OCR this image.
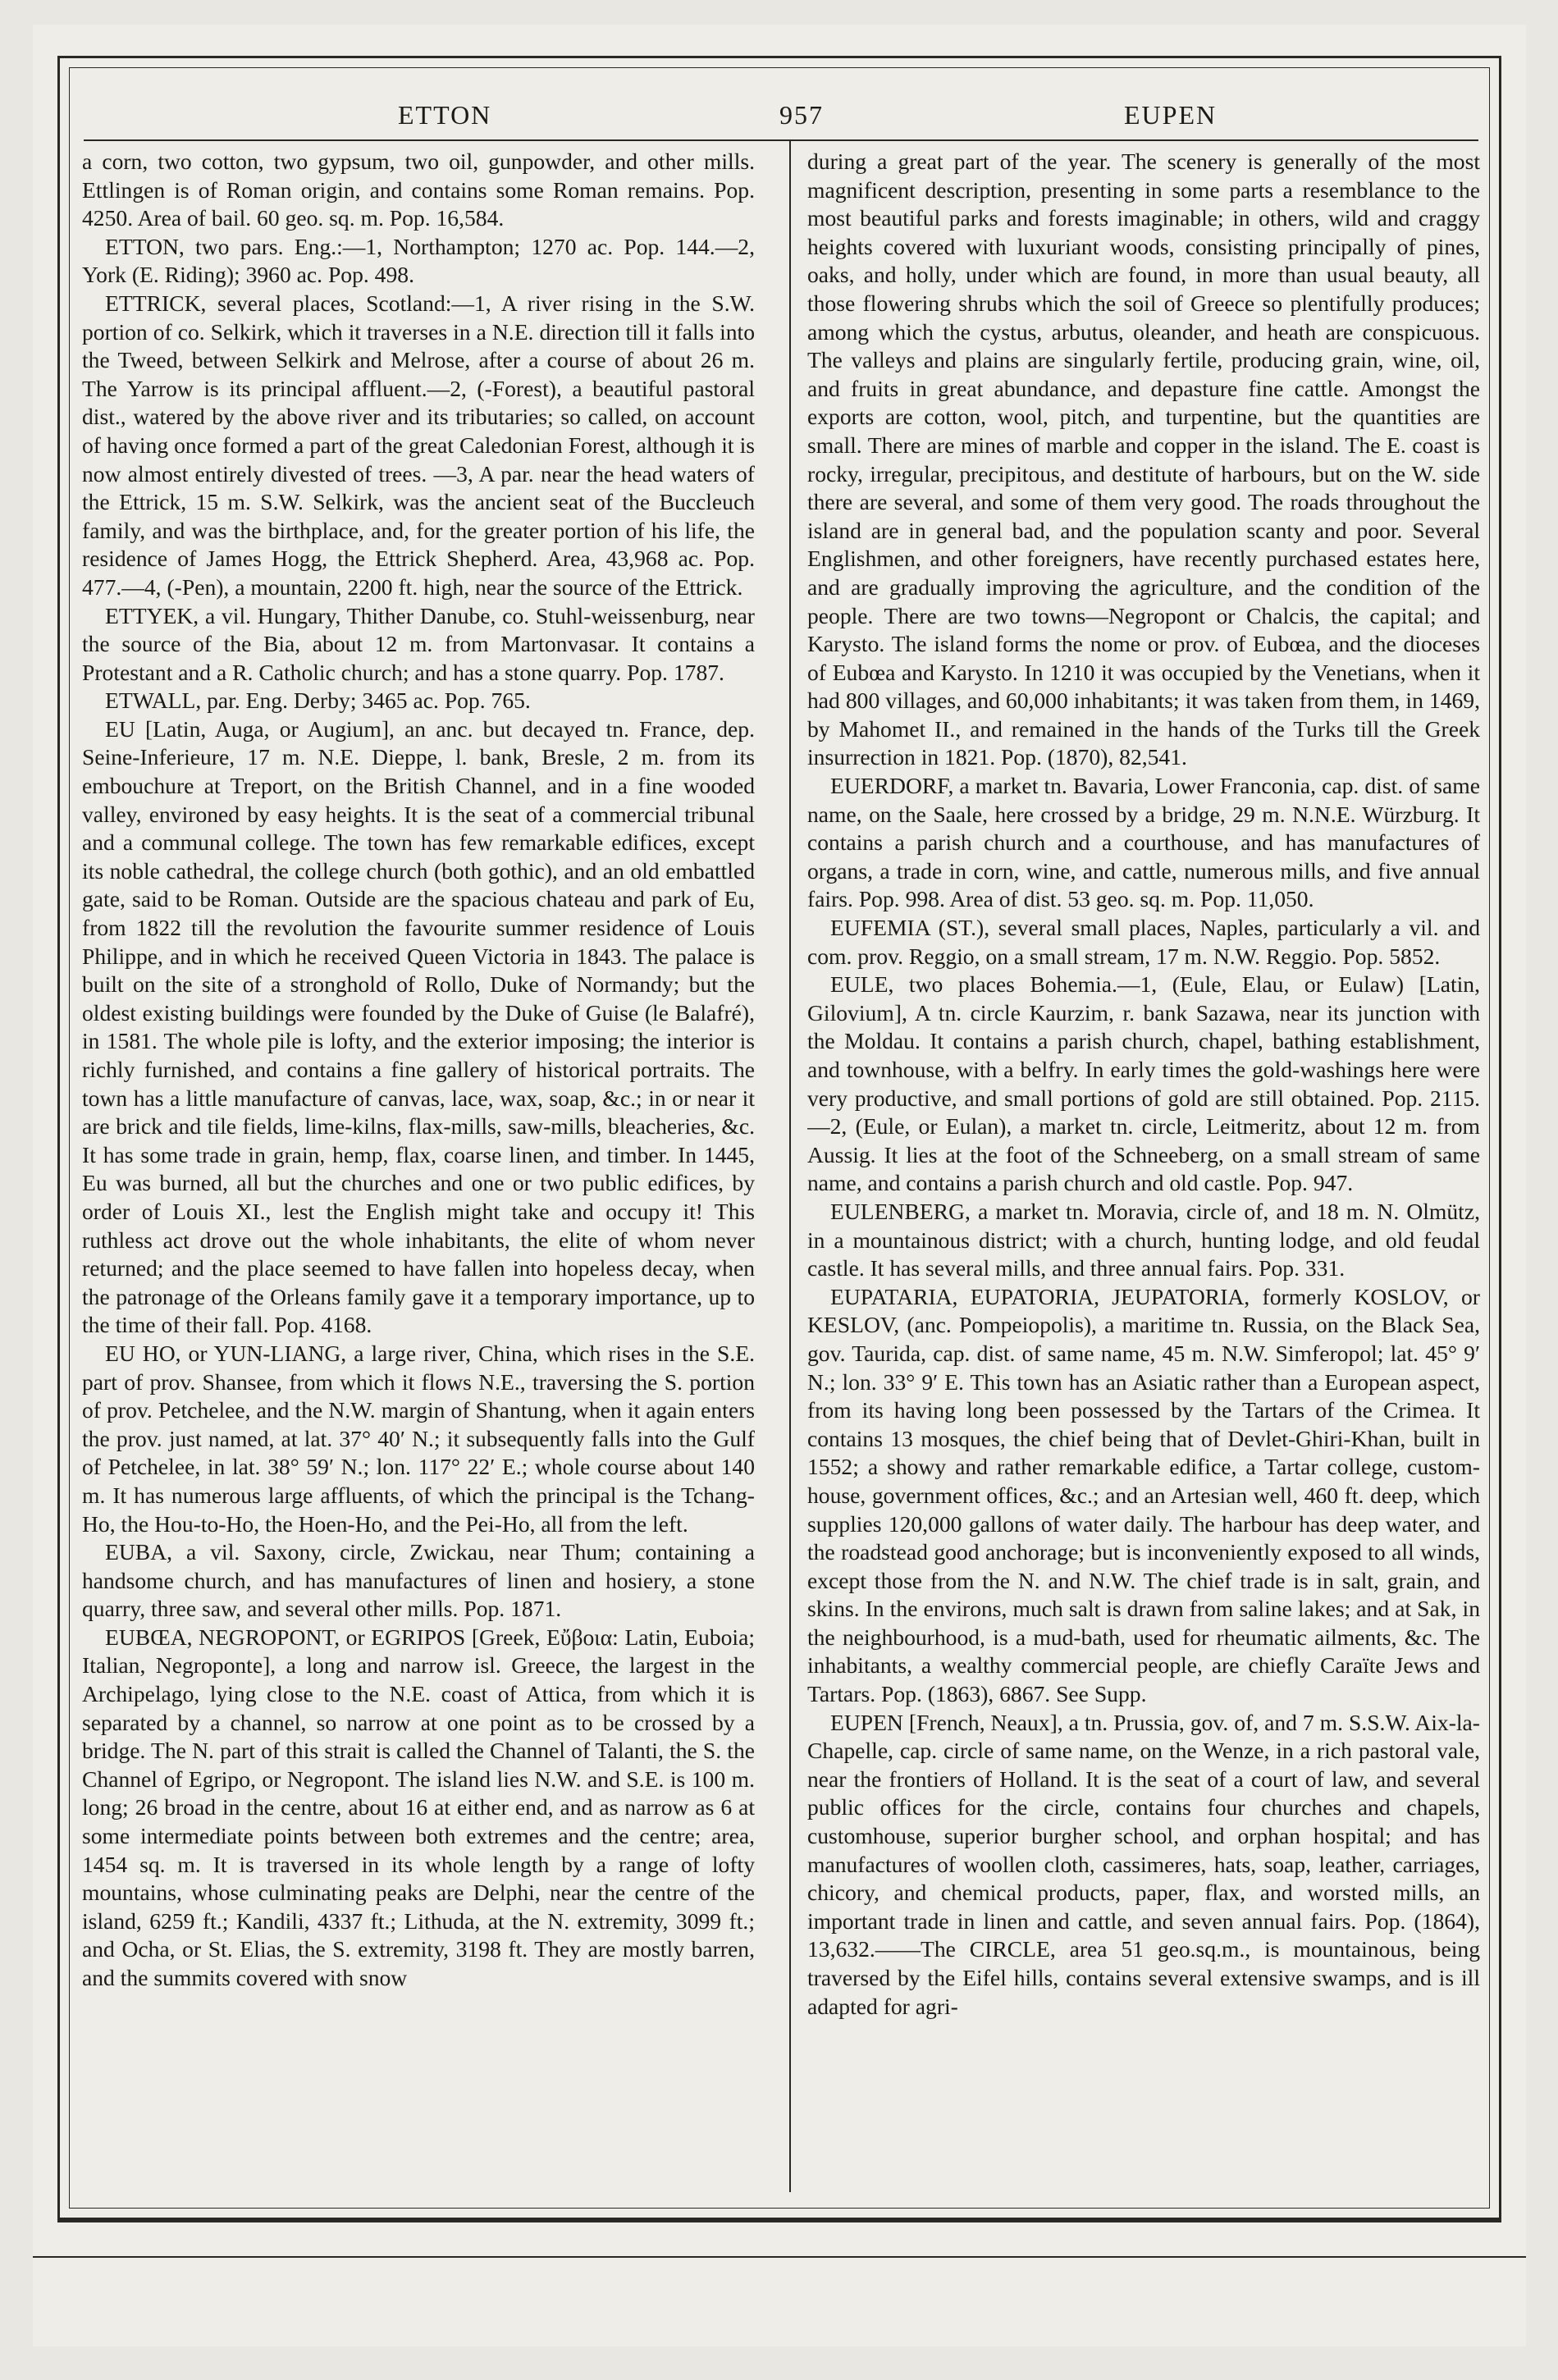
ETTON	957	EUPEN

a corn, two cotton, two gypsum, two oil, gunpowder, and other mills. Ettlingen is of Roman origin, and contains some Roman remains. Pop. 4250. Area of bail. 60 geo. sq. m. Pop. 16,584.

ETTON, two pars. Eng.:—1, Northampton; 1270 ac. Pop. 144.—2, York (E. Riding); 3960 ac. Pop. 498.

ETTRICK, several places, Scotland:—1, A river rising in the S.W. portion of co. Selkirk, which it traverses in a N.E. direction till it falls into the Tweed, between Selkirk and Melrose, after a course of about 26 m. The Yarrow is its principal affluent.—2, (-Forest), a beautiful pastoral dist., watered by the above river and its tributaries; so called, on account of having once formed a part of the great Caledonian Forest, although it is now almost entirely divested of trees. —3, A par. near the head waters of the Ettrick, 15 m. S.W. Selkirk, was the ancient seat of the Buccleuch family, and was the birthplace, and, for the greater portion of his life, the residence of James Hogg, the Ettrick Shepherd. Area, 43,968 ac. Pop. 477.—4, (-Pen), a mountain, 2200 ft. high, near the source of the Ettrick.

ETTYEK, a vil. Hungary, Thither Danube, co. Stuhl-weissenburg, near the source of the Bia, about 12 m. from Martonvasar. It contains a Protestant and a R. Catholic church; and has a stone quarry. Pop. 1787.

ETWALL, par. Eng. Derby; 3465 ac. Pop. 765.

EU [Latin, Auga, or Augium], an anc. but decayed tn. France, dep. Seine-Inferieure, 17 m. N.E. Dieppe, l. bank, Bresle, 2 m. from its embouchure at Treport, on the British Channel, and in a fine wooded valley, environed by easy heights. It is the seat of a commercial tribunal and a communal college. The town has few remarkable edifices, except its noble cathedral, the college church (both gothic), and an old embattled gate, said to be Roman. Outside are the spacious chateau and park of Eu, from 1822 till the revolution the favourite summer residence of Louis Philippe, and in which he received Queen Victoria in 1843. The palace is built on the site of a stronghold of Rollo, Duke of Normandy; but the oldest existing buildings were founded by the Duke of Guise (le Balafré), in 1581. The whole pile is lofty, and the exterior imposing; the interior is richly furnished, and contains a fine gallery of historical portraits. The town has a little manufacture of canvas, lace, wax, soap, &c.; in or near it are brick and tile fields, lime-kilns, flax-mills, saw-mills, bleacheries, &c. It has some trade in grain, hemp, flax, coarse linen, and timber. In 1445, Eu was burned, all but the churches and one or two public edifices, by order of Louis XI., lest the English might take and occupy it! This ruthless act drove out the whole inhabitants, the elite of whom never returned; and the place seemed to have fallen into hopeless decay, when the patronage of the Orleans family gave it a temporary importance, up to the time of their fall. Pop. 4168.

EU HO, or YUN-LIANG, a large river, China, which rises in the S.E. part of prov. Shansee, from which it flows N.E., traversing the S. portion of prov. Petchelee, and the N.W. margin of Shantung, when it again enters the prov. just named, at lat. 37° 40′ N.; it subsequently falls into the Gulf of Petchelee, in lat. 38° 59′ N.; lon. 117° 22′ E.; whole course about 140 m. It has numerous large affluents, of which the principal is the Tchang-Ho, the Hou-to-Ho, the Hoen-Ho, and the Pei-Ho, all from the left.

EUBA, a vil. Saxony, circle, Zwickau, near Thum; containing a handsome church, and has manufactures of linen and hosiery, a stone quarry, three saw, and several other mills. Pop. 1871.

EUBŒA, NEGROPONT, or EGRIPOS [Greek, Εὔβοια: Latin, Euboia; Italian, Negroponte], a long and narrow isl. Greece, the largest in the Archipelago, lying close to the N.E. coast of Attica, from which it is separated by a channel, so narrow at one point as to be crossed by a bridge. The N. part of this strait is called the Channel of Talanti, the S. the Channel of Egripo, or Negropont. The island lies N.W. and S.E. is 100 m. long; 26 broad in the centre, about 16 at either end, and as narrow as 6 at some intermediate points between both extremes and the centre; area, 1454 sq. m. It is traversed in its whole length by a range of lofty mountains, whose culminating peaks are Delphi, near the centre of the island, 6259 ft.; Kandili, 4337 ft.; Lithuda, at the N. extremity, 3099 ft.; and Ocha, or St. Elias, the S. extremity, 3198 ft. They are mostly barren, and the summits covered with snow

during a great part of the year. The scenery is generally of the most magnificent description, presenting in some parts a resemblance to the most beautiful parks and forests imaginable; in others, wild and craggy heights covered with luxuriant woods, consisting principally of pines, oaks, and holly, under which are found, in more than usual beauty, all those flowering shrubs which the soil of Greece so plentifully produces; among which the cystus, arbutus, oleander, and heath are conspicuous. The valleys and plains are singularly fertile, producing grain, wine, oil, and fruits in great abundance, and depasture fine cattle. Amongst the exports are cotton, wool, pitch, and turpentine, but the quantities are small. There are mines of marble and copper in the island. The E. coast is rocky, irregular, precipitous, and destitute of harbours, but on the W. side there are several, and some of them very good. The roads throughout the island are in general bad, and the population scanty and poor. Several Englishmen, and other foreigners, have recently purchased estates here, and are gradually improving the agriculture, and the condition of the people. There are two towns—Negropont or Chalcis, the capital; and Karysto. The island forms the nome or prov. of Eubœa, and the dioceses of Eubœa and Karysto. In 1210 it was occupied by the Venetians, when it had 800 villages, and 60,000 inhabitants; it was taken from them, in 1469, by Mahomet II., and remained in the hands of the Turks till the Greek insurrection in 1821. Pop. (1870), 82,541.

EUERDORF, a market tn. Bavaria, Lower Franconia, cap. dist. of same name, on the Saale, here crossed by a bridge, 29 m. N.N.E. Würzburg. It contains a parish church and a courthouse, and has manufactures of organs, a trade in corn, wine, and cattle, numerous mills, and five annual fairs. Pop. 998. Area of dist. 53 geo. sq. m. Pop. 11,050.

EUFEMIA (ST.), several small places, Naples, particularly a vil. and com. prov. Reggio, on a small stream, 17 m. N.W. Reggio. Pop. 5852.

EULE, two places Bohemia.—1, (Eule, Elau, or Eulaw) [Latin, Gilovium], A tn. circle Kaurzim, r. bank Sazawa, near its junction with the Moldau. It contains a parish church, chapel, bathing establishment, and townhouse, with a belfry. In early times the gold-washings here were very productive, and small portions of gold are still obtained. Pop. 2115.—2, (Eule, or Eulan), a market tn. circle, Leitmeritz, about 12 m. from Aussig. It lies at the foot of the Schneeberg, on a small stream of same name, and contains a parish church and old castle. Pop. 947.

EULENBERG, a market tn. Moravia, circle of, and 18 m. N. Olmütz, in a mountainous district; with a church, hunting lodge, and old feudal castle. It has several mills, and three annual fairs. Pop. 331.

EUPATARIA, EUPATORIA, JEUPATORIA, formerly KOSLOV, or KESLOV, (anc. Pompeiopolis), a maritime tn. Russia, on the Black Sea, gov. Taurida, cap. dist. of same name, 45 m. N.W. Simferopol; lat. 45° 9′ N.; lon. 33° 9′ E. This town has an Asiatic rather than a European aspect, from its having long been possessed by the Tartars of the Crimea. It contains 13 mosques, the chief being that of Devlet-Ghiri-Khan, built in 1552; a showy and rather remarkable edifice, a Tartar college, custom-house, government offices, &c.; and an Artesian well, 460 ft. deep, which supplies 120,000 gallons of water daily. The harbour has deep water, and the roadstead good anchorage; but is inconveniently exposed to all winds, except those from the N. and N.W. The chief trade is in salt, grain, and skins. In the environs, much salt is drawn from saline lakes; and at Sak, in the neighbourhood, is a mud-bath, used for rheumatic ailments, &c. The inhabitants, a wealthy commercial people, are chiefly Caraïte Jews and Tartars. Pop. (1863), 6867. See Supp.

EUPEN [French, Neaux], a tn. Prussia, gov. of, and 7 m. S.S.W. Aix-la-Chapelle, cap. circle of same name, on the Wenze, in a rich pastoral vale, near the frontiers of Holland. It is the seat of a court of law, and several public offices for the circle, contains four churches and chapels, customhouse, superior burgher school, and orphan hospital; and has manufactures of woollen cloth, cassimeres, hats, soap, leather, carriages, chicory, and chemical products, paper, flax, and worsted mills, an important trade in linen and cattle, and seven annual fairs. Pop. (1864), 13,632.——The CIRCLE, area 51 geo.sq.m., is mountainous, being traversed by the Eifel hills, contains several extensive swamps, and is ill adapted for agri-
